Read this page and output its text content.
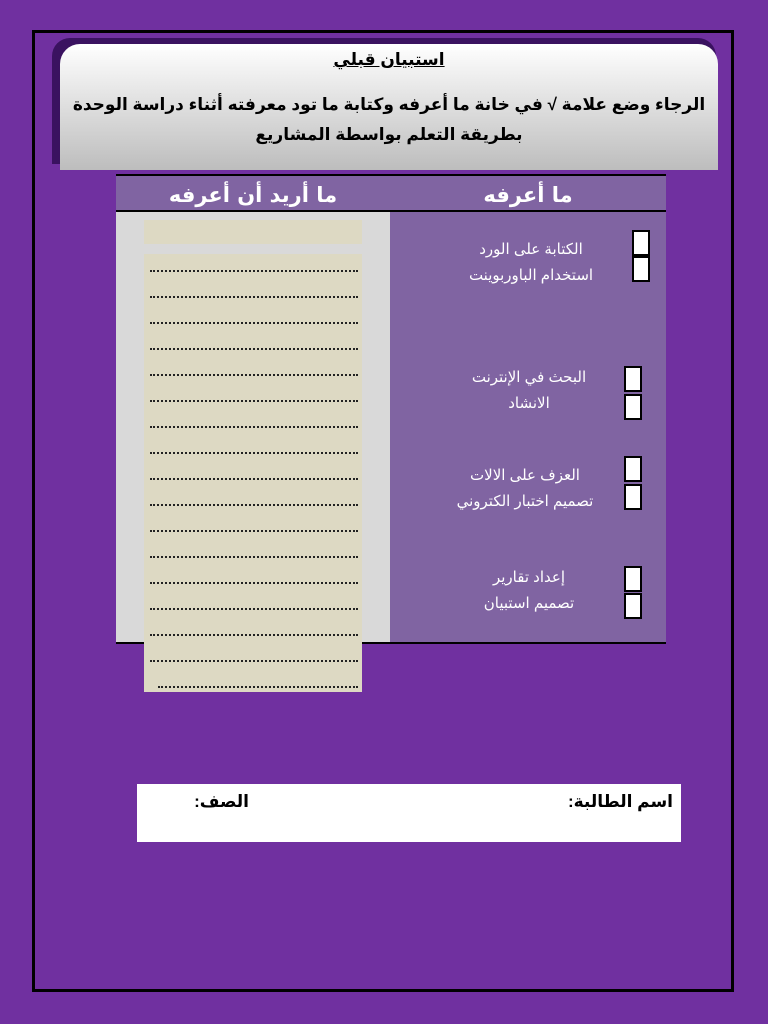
استبيان قبلي
الرجاء وضع علامة √ في خانة ما أعرفه وكتابة ما تود معرفته أثناء دراسة الوحدة بطريقة التعلم بواسطة المشاريع
ما أعرفه
ما أريد أن أعرفه
الكتابة على الورد
استخدام الباوربوينت
البحث في الإنترنت
الانشاد
العزف على الالات
تصميم اختبار الكتروني
إعداد تقارير
تصميم استبيان
اسم الطالبة:
الصف:
